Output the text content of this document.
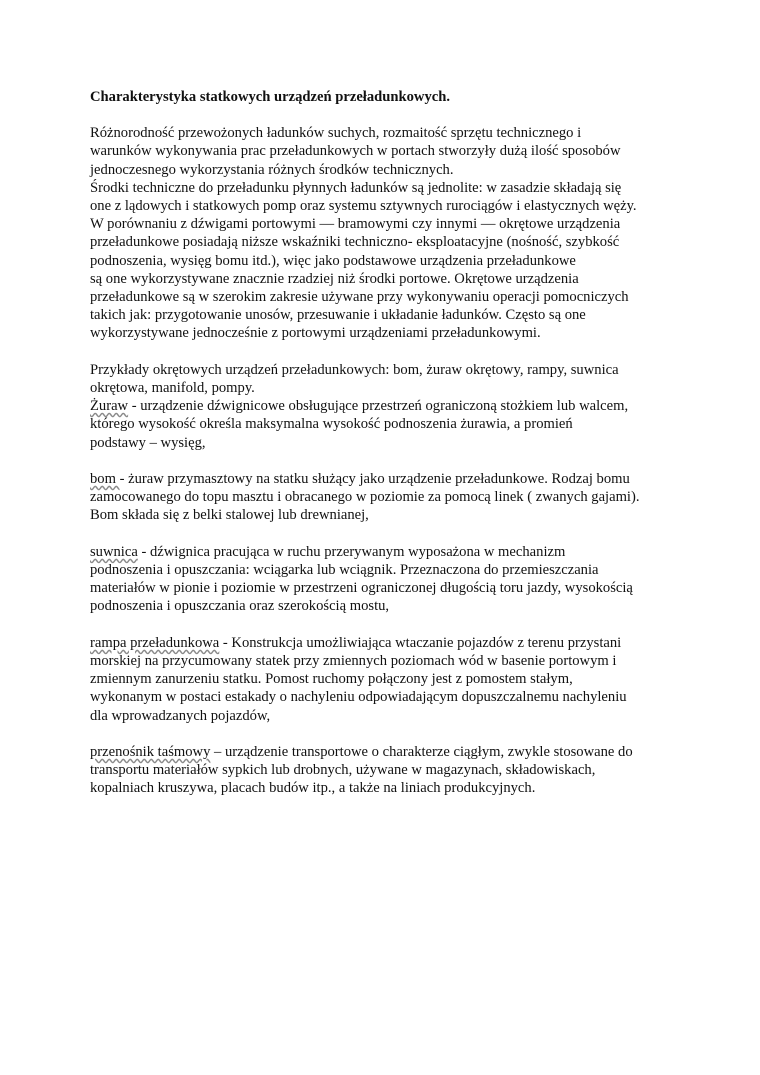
Charakterystyka statkowych urządzeń przeładunkowych.

Różnorodność przewożonych ładunków suchych, rozmaitość sprzętu technicznego i
warunków wykonywania prac przeładunkowych w portach stworzyły dużą ilość sposobów
jednoczesnego wykorzystania różnych środków technicznych.
Środki techniczne do przeładunku płynnych ładunków są jednolite: w zasadzie składają się
one z lądowych i statkowych pomp oraz systemu sztywnych rurociągów i elastycznych węży.
W porównaniu z dźwigami portowymi — bramowymi czy innymi — okrętowe urządzenia
przeładunkowe posiadają niższe wskaźniki techniczno- eksploatacyjne (nośność, szybkość
podnoszenia, wysięg bomu itd.), więc jako podstawowe urządzenia przeładunkowe
są one wykorzystywane znacznie rzadziej niż środki portowe. Okrętowe urządzenia
przeładunkowe są w szerokim zakresie używane przy wykonywaniu operacji pomocniczych
takich jak: przygotowanie unosów, przesuwanie i układanie ładunków. Często są one
wykorzystywane jednocześnie z portowymi urządzeniami przeładunkowymi.

Przykłady okrętowych urządzeń przeładunkowych: bom, żuraw okrętowy, rampy, suwnica
okrętowa, manifold, pompy.
Żuraw - urządzenie dźwignicowe obsługujące przestrzeń ograniczoną stożkiem lub walcem,
którego wysokość określa maksymalna wysokość podnoszenia żurawia, a promień
podstawy – wysięg,

bom - żuraw przymasztowy na statku służący jako urządzenie przeładunkowe. Rodzaj bomu
zamocowanego do topu masztu i obracanego w poziomie za pomocą linek ( zwanych gajami).
Bom składa się z belki stalowej lub drewnianej,

suwnica - dźwignica pracująca w ruchu przerywanym wyposażona w mechanizm
podnoszenia i opuszczania: wciągarka lub wciągnik. Przeznaczona do przemieszczania
materiałów w pionie i poziomie w przestrzeni ograniczonej długością toru jazdy, wysokością
podnoszenia i opuszczania oraz szerokością mostu,

rampa przeładunkowa - Konstrukcja umożliwiająca wtaczanie pojazdów z terenu przystani
morskiej na przycumowany statek przy zmiennych poziomach wód w basenie portowym i
zmiennym zanurzeniu statku. Pomost ruchomy połączony jest z pomostem stałym,
wykonanym w postaci estakady o nachyleniu odpowiadającym dopuszczalnemu nachyleniu
dla wprowadzanych pojazdów,

przenośnik taśmowy – urządzenie transportowe o charakterze ciągłym, zwykle stosowane do
transportu materiałów sypkich lub drobnych, używane w magazynach, składowiskach,
kopalniach kruszywa, placach budów itp., a także na liniach produkcyjnych.
